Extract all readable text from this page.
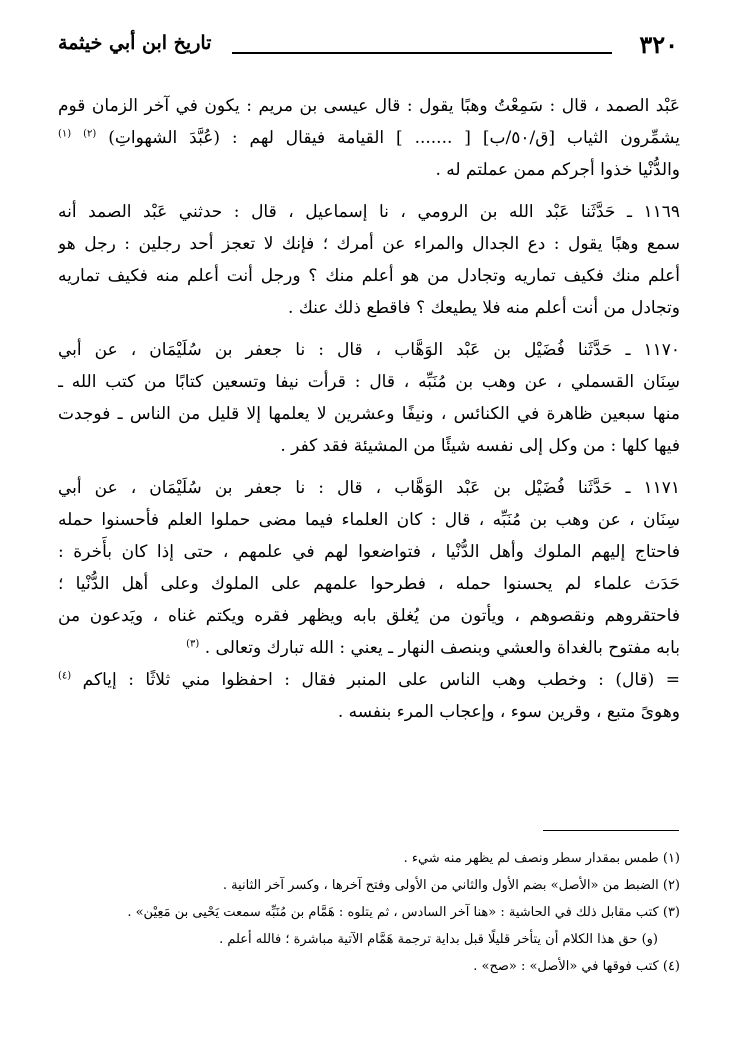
٣٢٠
تاريخ ابن أبي خيثمة
عَبْد الصمد ، قال : سَمِعْتُ وهبًا يقول : قال عيسى بن مريم : يكون في آخر الزمان قوم
يشمِّرون الثياب [ق/٥٠/ب] [ ....... ] القيامة فيقال لهم : (عُبَّدَ الشهواتِ) $^{(٢)}$ $^{(١)}$
والدُّنْيا خذوا أجركم ممن عملتم له .
١١٦٩ ـ حَدَّثَنا عَبْد الله بن الرومي ، نا إسماعيل ، قال : حدثني عَبْد الصمد أنه
سمع وهبًا يقول : دع الجدال والمراء عن أمرك ؛ فإنك لا تعجز أحد رجلين : رجل هو
أعلم منك فكيف تماريه وتجادل من هو أعلم منك ؟ ورجل أنت أعلم منه فكيف تماريه
وتجادل من أنت أعلم منه فلا يطيعك ؟ فاقطع ذلك عنك .
١١٧٠ ـ حَدَّثَنا فُضَيْل بن عَبْد الوَهَّاب ، قال : نا جعفر بن سُلَيْمَان ، عن أبي
سِنَان القسملي ، عن وهب بن مُنَبِّه ، قال : قرأت نيفا وتسعين كتابًا من كتب الله ـ
منها سبعين ظاهرة في الكنائس ، ونيفًا وعشرين لا يعلمها إلا قليل من الناس ـ فوجدت
فيها كلها : من وكل إلى نفسه شيئًا من المشيئة فقد كفر .
١١٧١ ـ حَدَّثَنا فُضَيْل بن عَبْد الوَهَّاب ، قال : نا جعفر بن سُلَيْمَان ، عن أبي
سِنَان ، عن وهب بن مُنَبِّه ، قال : كان العلماء فيما مضى حملوا العلم فأحسنوا حمله
فاحتاج إليهم الملوك وأهل الدُّنْيا ، فتواضعوا لهم في علمهم ، حتى إذا كان بأَخرة :
حَدَث علماء لم يحسنوا حمله ، فطرحوا علمهم على الملوك وعلى أهل الدُّنْيا ؛
فاحتقروهم ونقصوهم ، ويأتون من يُغلق بابه ويظهر فقره ويكتم غناه ، ويَدعون من
بابه مفتوح بالغداة والعشي وبنصف النهار ـ يعني : الله تبارك وتعالى . $^{(٣)}$
= (قال) : وخطب وهب الناس على المنبر فقال : احفظوا مني ثلاثًا : إياكم $^{(٤)}$
وهوىً متبع ، وقرين سوء ، وإعجاب المرء بنفسه .
(١) طمس بمقدار سطر ونصف لم يظهر منه شيء .
(٢) الضبط من «الأصل» بضم الأول والثاني من الأولى وفتح آخرها ، وكسر آخر الثانية .
(٣) كتب مقابل ذلك في الحاشية : «هنا آخر السادس ، ثم يتلوه : هَمَّام بن مُنَبِّه سمعت يَحْيى بن مَعِيْن» .
(و) حق هذا الكلام أن يتأخر قليلًا قبل بداية ترجمة هَمَّام الآتية مباشرة ؛ فالله أعلم .
(٤) كتب فوقها في «الأصل» : «صح» .
